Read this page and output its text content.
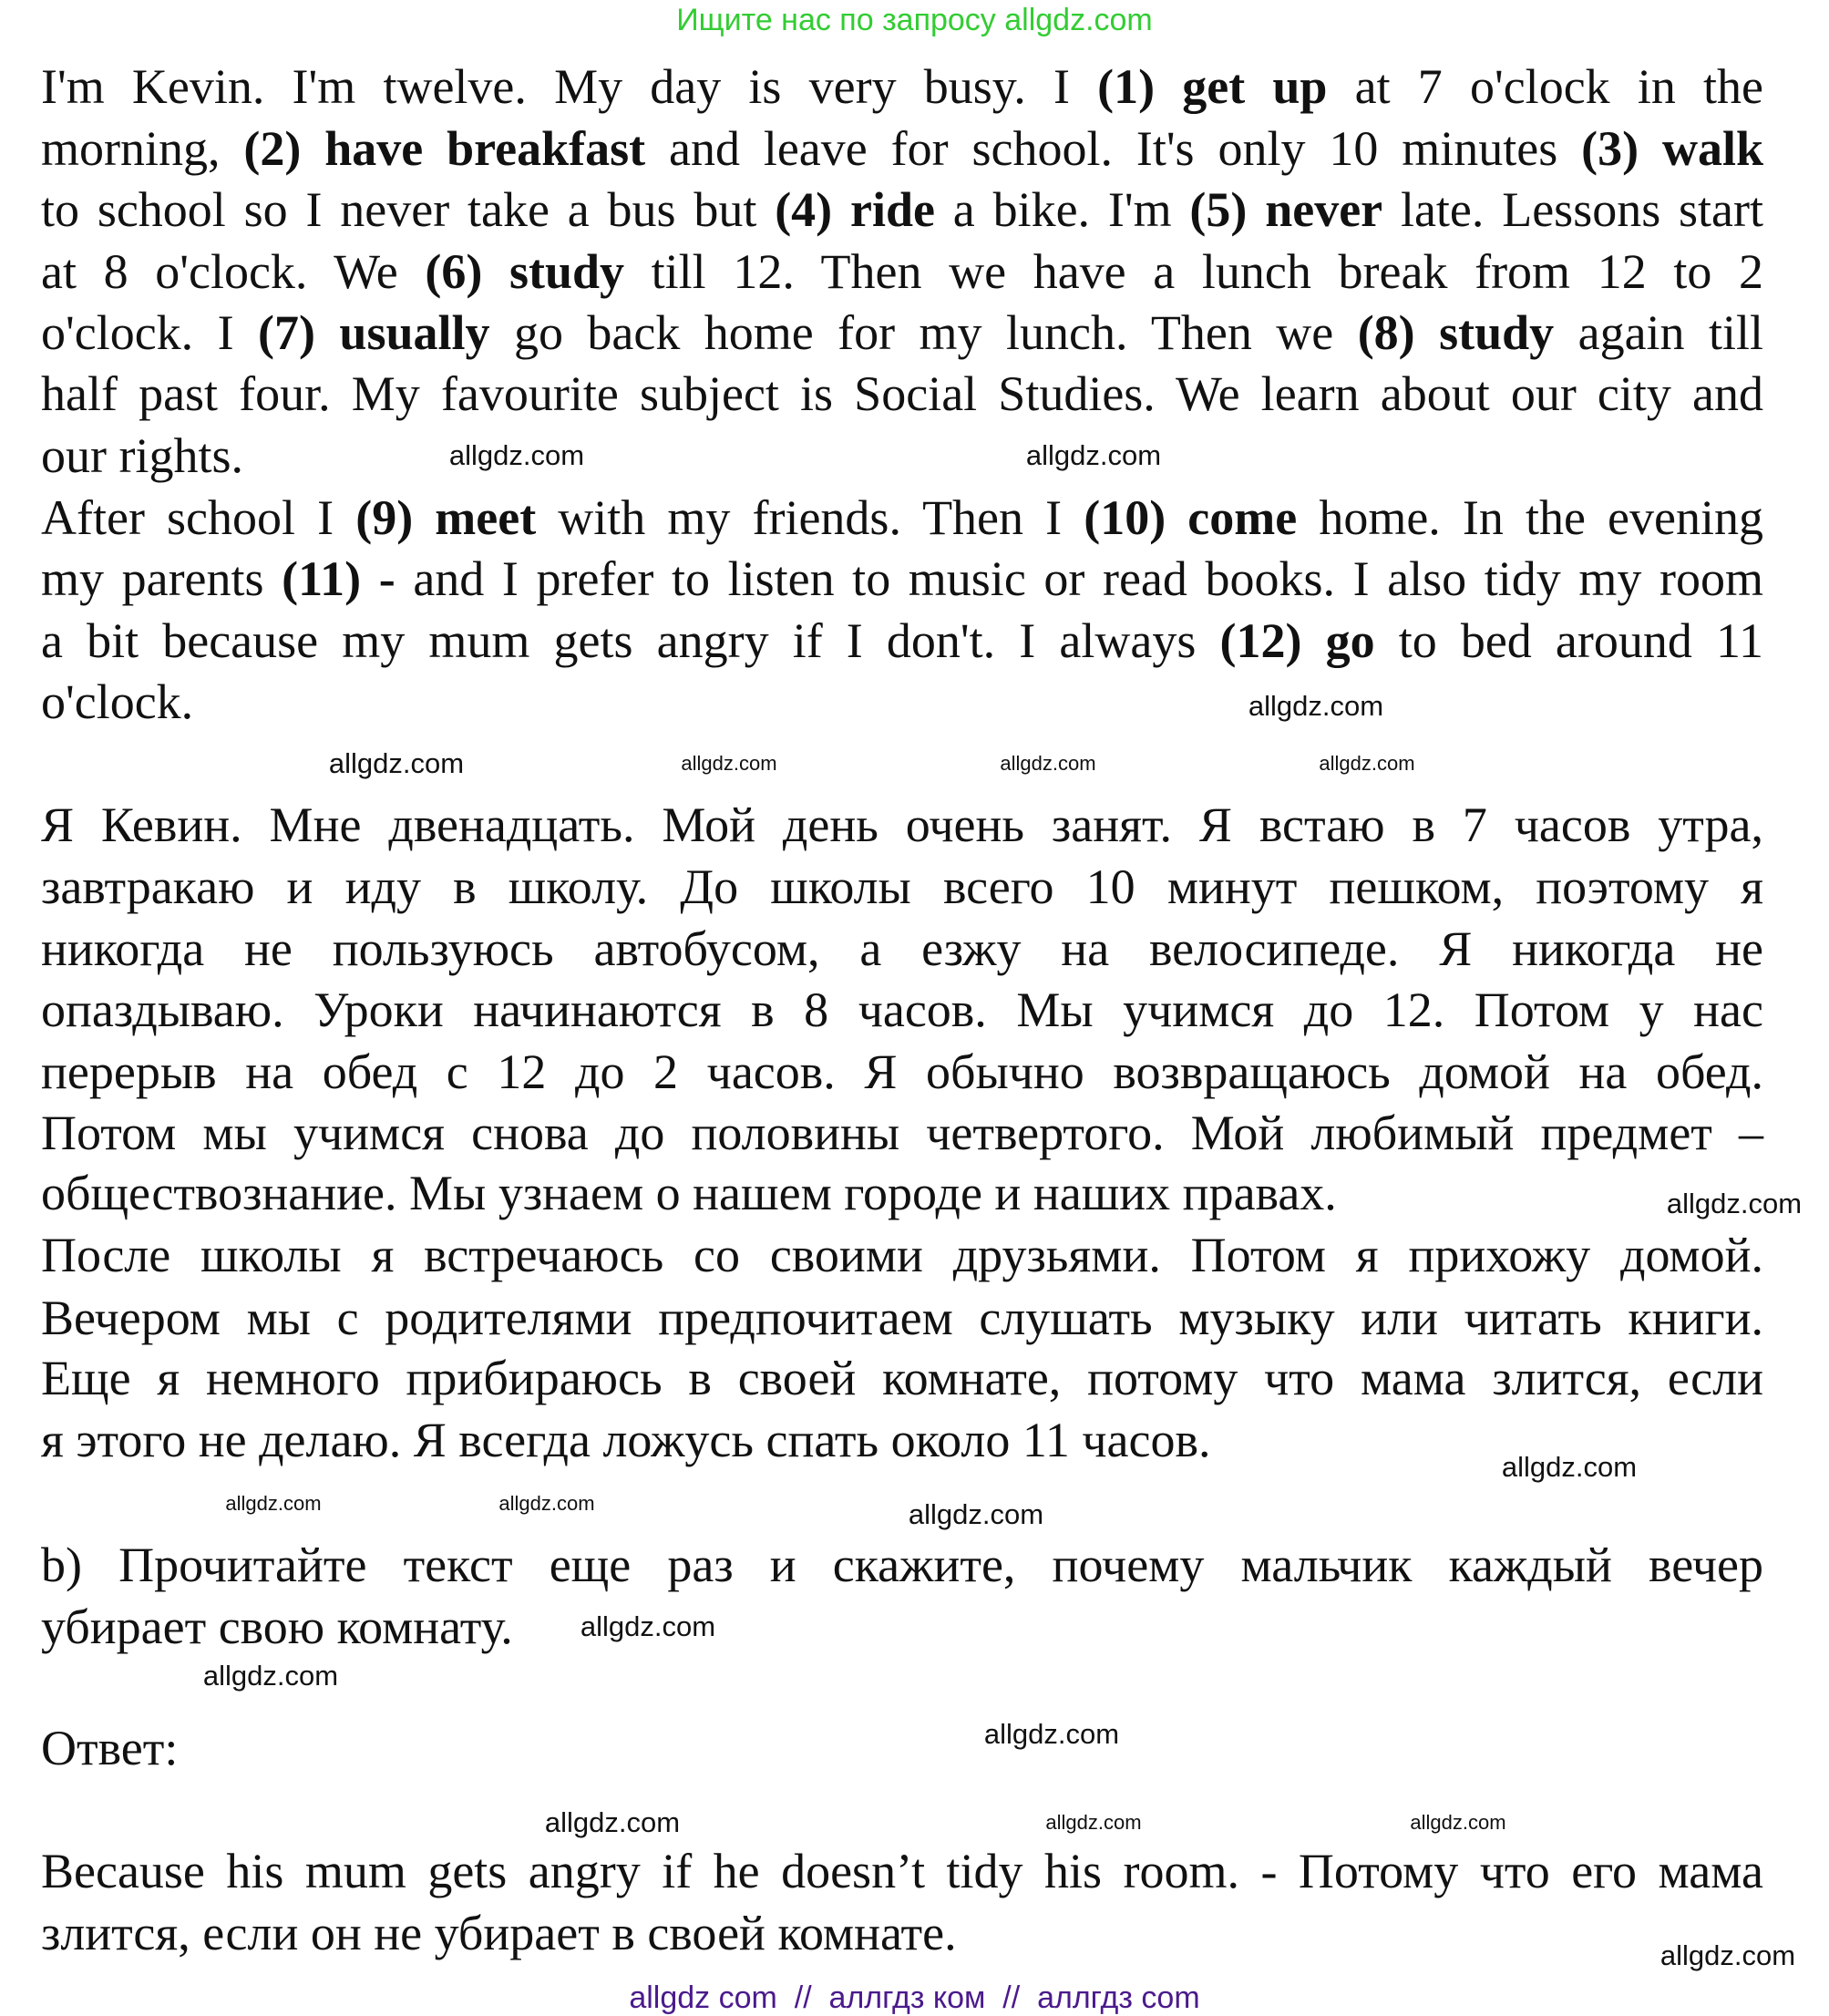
Ищите нас по запросу allgdz.com
I'm Kevin. I'm twelve. My day is very busy. I (1) get up at 7 o'clock in the
morning, (2) have breakfast and leave for school. It's only 10 minutes (3) walk
to school so I never take a bus but (4) ride a bike. I'm (5) never late. Lessons start
at 8 o'clock. We (6) study till 12. Then we have a lunch break from 12 to 2
o'clock. I (7) usually go back home for my lunch. Then we (8) study again till
half past four. My favourite subject is Social Studies. We learn about our city and
our rights.
After school I (9) meet with my friends. Then I (10) come home. In the evening
my parents (11) - and I prefer to listen to music or read books. I also tidy my room
a bit because my mum gets angry if I don't. I always (12) go to bed around 11
o'clock.
Я Кевин. Мне двенадцать. Мой день очень занят. Я встаю в 7 часов утра,
завтракаю и иду в школу. До школы всего 10 минут пешком, поэтому я
никогда не пользуюсь автобусом, а езжу на велосипеде. Я никогда не
опаздываю. Уроки начинаются в 8 часов. Мы учимся до 12. Потом у нас
перерыв на обед с 12 до 2 часов. Я обычно возвращаюсь домой на обед.
Потом мы учимся снова до половины четвертого. Мой любимый предмет –
обществознание. Мы узнаем о нашем городе и наших правах.
После школы я встречаюсь со своими друзьями. Потом я прихожу домой.
Вечером мы с родителями предпочитаем слушать музыку или читать книги.
Еще я немного прибираюсь в своей комнате, потому что мама злится, если
я этого не делаю. Я всегда ложусь спать около 11 часов.
b) Прочитайте текст еще раз и скажите, почему мальчик каждый вечер
убирает свою комнату.
Ответ:
Because his mum gets angry if he doesn’t tidy his room. - Потому что его мама
злится, если он не убирает в своей комнате.
allgdz.com	allgdz.com	allgdz.com
allgdz.com
allgdz.com
allgdz.com
allgdz.com
allgdz.com	allgdz.com
allgdz.com
allgdz.com
allgdz.com
allgdz.com
allgdz.com
allgdz.com
allgdz.com	allgdz.com	allgdz.com
allgdz.com
allgdz com  //  аллгдз ком  //  аллгдз com
